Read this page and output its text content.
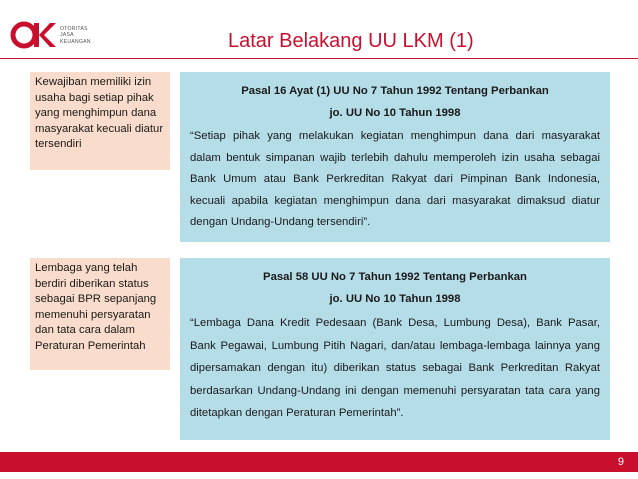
OTORITAS
JASA
KEUANGAN	Latar Belakang UU LKM (1)
Kewajiban memiliki izin usaha bagi setiap pihak yang menghimpun dana masyarakat kecuali diatur tersendiri
Pasal 16 Ayat (1) UU No 7 Tahun 1992 Tentang Perbankan
jo. UU No 10 Tahun 1998
“Setiap pihak yang melakukan kegiatan menghimpun dana dari masyarakat dalam bentuk simpanan wajib terlebih dahulu memperoleh izin usaha sebagai Bank Umum atau Bank Perkreditan Rakyat dari Pimpinan Bank Indonesia, kecuali apabila kegiatan menghimpun dana dari masyarakat dimaksud diatur dengan Undang-Undang tersendiri”.
Lembaga yang telah berdiri diberikan status sebagai BPR sepanjang memenuhi persyaratan dan tata cara dalam Peraturan Pemerintah
Pasal 58 UU No 7 Tahun 1992 Tentang Perbankan
jo. UU No 10 Tahun 1998
“Lembaga Dana Kredit Pedesaan (Bank Desa, Lumbung Desa), Bank Pasar, Bank Pegawai, Lumbung Pitih Nagari, dan/atau lembaga-lembaga lainnya yang dipersamakan dengan itu) diberikan status sebagai Bank Perkreditan Rakyat berdasarkan Undang-Undang ini dengan memenuhi persyaratan tata cara yang ditetapkan dengan Peraturan Pemerintah”.
9
